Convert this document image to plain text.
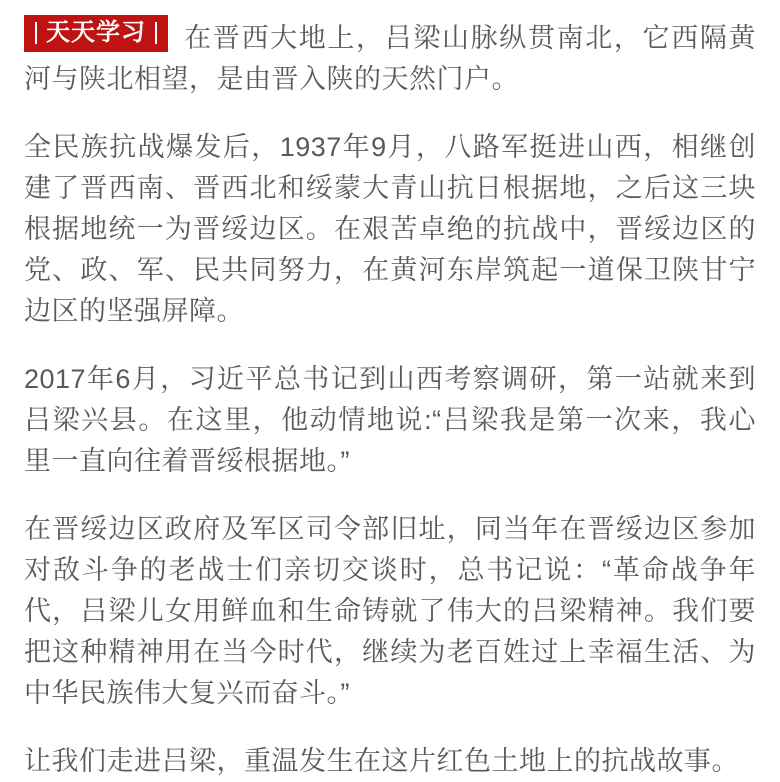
天天学习 在晋西大地上，吕梁山脉纵贯南北，它西隔黄河与陕北相望，是由晋入陕的天然门户。

全民族抗战爆发后，1937年9月，八路军挺进山西，相继创建了晋西南、晋西北和绥蒙大青山抗日根据地，之后这三块根据地统一为晋绥边区。在艰苦卓绝的抗战中，晋绥边区的党、政、军、民共同努力，在黄河东岸筑起一道保卫陕甘宁边区的坚强屏障。

2017年6月，习近平总书记到山西考察调研，第一站就来到吕梁兴县。在这里，他动情地说:“吕梁我是第一次来，我心里一直向往着晋绥根据地。”

在晋绥边区政府及军区司令部旧址，同当年在晋绥边区参加对敌斗争的老战士们亲切交谈时，总书记说：“革命战争年代，吕梁儿女用鲜血和生命铸就了伟大的吕梁精神。我们要把这种精神用在当今时代，继续为老百姓过上幸福生活、为中华民族伟大复兴而奋斗。”

让我们走进吕梁，重温发生在这片红色土地上的抗战故事。
